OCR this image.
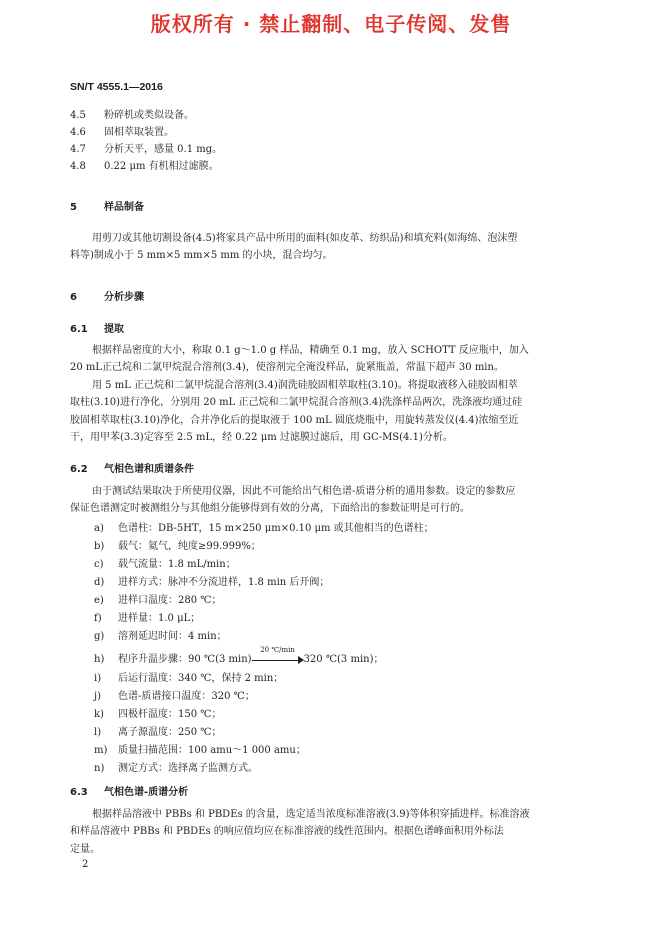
版权所有 · 禁止翻制、电子传阅、发售
SN/T 4555.1—2016
4.5 粉碎机或类似设备。
4.6 固相萃取装置。
4.7 分析天平，感量 0.1 mg。
4.8 0.22 μm 有机相过滤膜。
5	样品制备
用剪刀或其他切割设备(4.5)将家具产品中所用的面料(如皮革、纺织品)和填充料(如海绵、泡沫塑
料等)制成小于 5 mm×5 mm×5 mm 的小块，混合均匀。
6	分析步骤
6.1 提取
根据样品密度的大小，称取 0.1 g～1.0 g 样品，精确至 0.1 mg，放入 SCHOTT 反应瓶中，加入
20 mL正己烷和二氯甲烷混合溶剂(3.4)，使溶剂完全淹没样品，旋紧瓶盖，常温下超声 30 min。
用 5 mL 正己烷和二氯甲烷混合溶剂(3.4)润洗硅胶固相萃取柱(3.10)。将提取液移入硅胶固相萃
取柱(3.10)进行净化，分别用 20 mL 正己烷和二氯甲烷混合溶剂(3.4)洗涤样品两次，洗涤液均通过硅
胶固相萃取柱(3.10)净化，合并净化后的提取液于 100 mL 圆底烧瓶中，用旋转蒸发仪(4.4)浓缩至近
干，用甲苯(3.3)定容至 2.5 mL，经 0.22 μm 过滤膜过滤后，用 GC-MS(4.1)分析。
6.2 气相色谱和质谱条件
由于测试结果取决于所使用仪器，因此不可能给出气相色谱-质谱分析的通用参数。设定的参数应
保证色谱测定时被测组分与其他组分能够得到有效的分离，下面给出的参数证明是可行的。
a) 色谱柱：DB-5HT，15 m×250 μm×0.10 μm 或其他相当的色谱柱；
b) 载气：氦气，纯度≥99.999%；
c) 载气流量：1.8 mL/min；
d) 进样方式：脉冲不分流进样，1.8 min 后开阀；
e) 进样口温度：280 ℃；
f) 进样量：1.0 μL；
g) 溶剂延迟时间：4 min；
h) 程序升温步骤：90 ℃(3 min)
20 ℃/min
320 ℃(3 min)；
i) 后运行温度：340 ℃，保持 2 min；
j) 色谱-质谱接口温度：320 ℃；
k) 四极杆温度：150 ℃；
l) 离子源温度：250 ℃；
m) 质量扫描范围：100 amu～1 000 amu；
n) 测定方式：选择离子监测方式。
6.3 气相色谱-质谱分析
根据样品溶液中 PBBs 和 PBDEs 的含量，选定适当浓度标准溶液(3.9)等体积穿插进样。标准溶液
和样品溶液中 PBBs 和 PBDEs 的响应值均应在标准溶液的线性范围内。根据色谱峰面积用外标法
定量。
2
